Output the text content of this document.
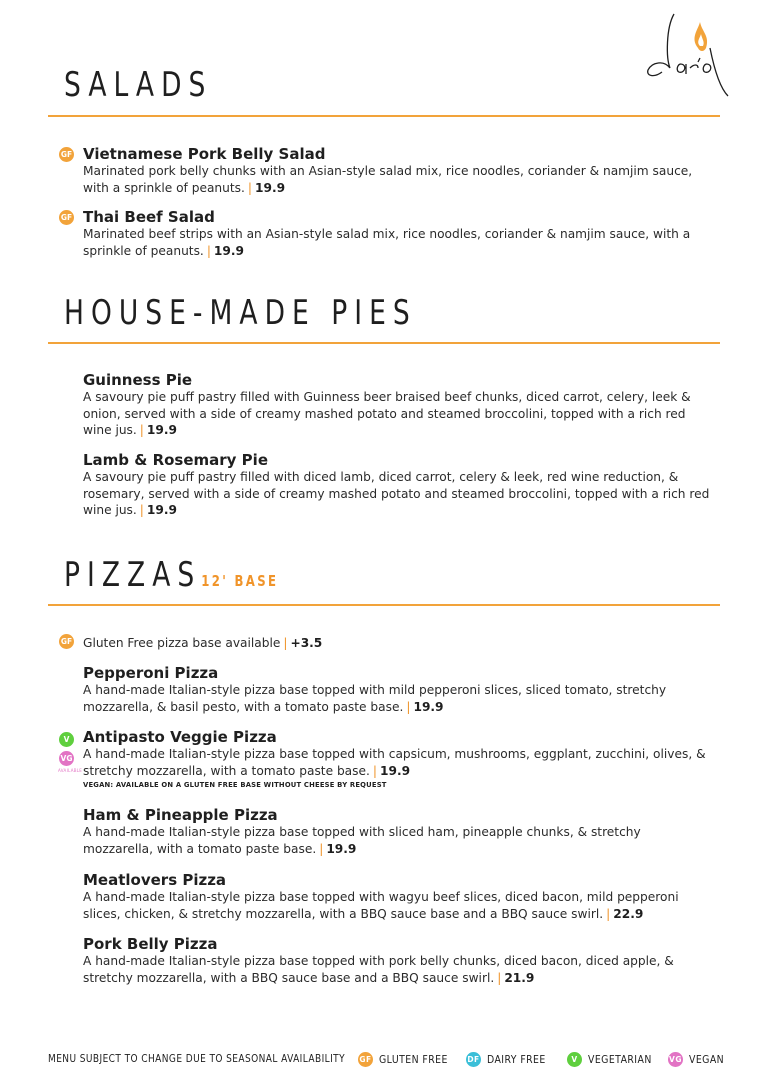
SALADS
GF Vietnamese Pork Belly Salad

Marinated pork belly chunks with an Asian-style salad mix, rice noodles, coriander & namjim sauce, with a sprinkle of peanuts. | 19.9

GF Thai Beef Salad

Marinated beef strips with an Asian-style salad mix, rice noodles, coriander & namjim sauce, with a sprinkle of peanuts. | 19.9

HOUSE-MADE PIES

Guinness Pie

A savoury pie puff pastry filled with Guinness beer braised beef chunks, diced carrot, celery, leek & onion, served with a side of creamy mashed potato and steamed broccolini, topped with a rich red wine jus. | 19.9

Lamb & Rosemary Pie

A savoury pie puff pastry filled with diced lamb, diced carrot, celery & leek, red wine reduction, & rosemary, served with a side of creamy mashed potato and steamed broccolini, topped with a rich red wine jus. | 19.9

PIZZAS12' BASE
GF Gluten Free pizza base available | +3.5

Pepperoni Pizza

A hand-made Italian-style pizza base topped with mild pepperoni slices, sliced tomato, stretchy mozzarella, & basil pesto, with a tomato paste base. | 19.9

V
VG
AVAILABLE

Antipasto Veggie Pizza

A hand-made Italian-style pizza base topped with capsicum, mushrooms, eggplant, zucchini, olives, & stretchy mozzarella, with a tomato paste base. | 19.9

VEGAN: AVAILABLE ON A GLUTEN FREE BASE WITHOUT CHEESE BY REQUEST

Ham & Pineapple Pizza

A hand-made Italian-style pizza base topped with sliced ham, pineapple chunks, & stretchy mozzarella, with a tomato paste base. | 19.9

Meatlovers Pizza

A hand-made Italian-style pizza base topped with wagyu beef slices, diced bacon, mild pepperoni slices, chicken, & stretchy mozzarella, with a BBQ sauce base and a BBQ sauce swirl. | 22.9

Pork Belly Pizza

A hand-made Italian-style pizza base topped with pork belly chunks, diced bacon, diced apple, & stretchy mozzarella, with a BBQ sauce base and a BBQ sauce swirl. | 21.9

MENU SUBJECT TO CHANGE DUE TO SEASONAL AVAILABILITY GF GLUTEN FREE	DF DAIRY FREE	V VEGETARIAN VG VEGAN
